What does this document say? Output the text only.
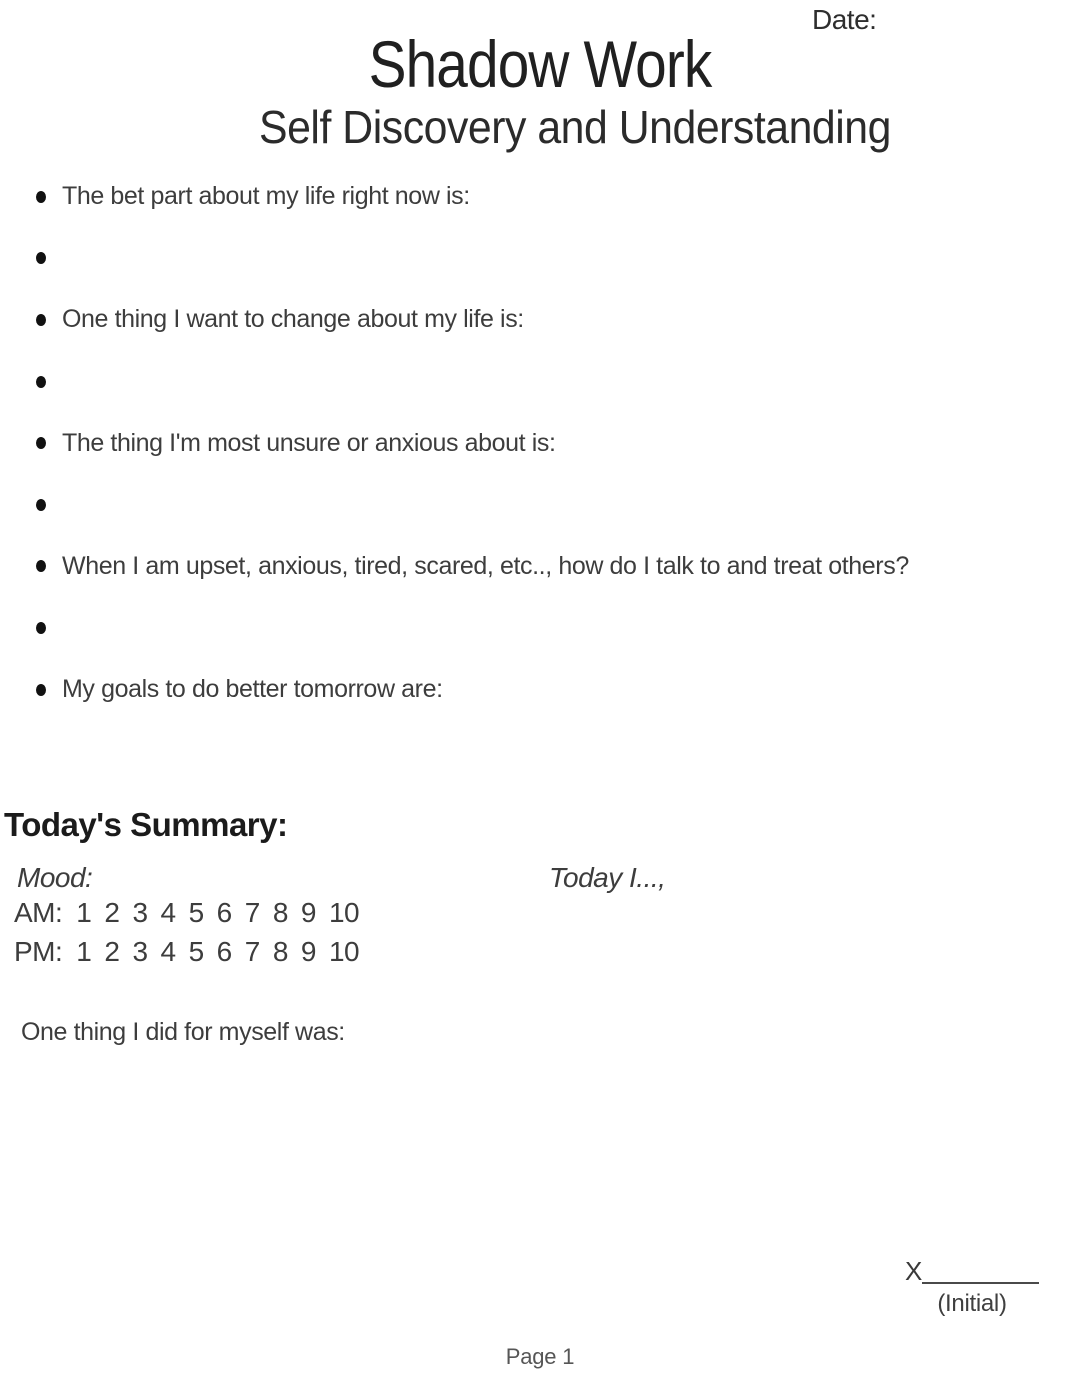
Date:
Shadow Work
Self Discovery and Understanding
The bet part about my life right now is:
One thing I want to change about my life is:
The thing I'm most unsure or anxious about is:
When I am upset, anxious, tired, scared, etc.., how do I talk to and treat others?
My goals to do better tomorrow are:
Today's Summary:
Mood:	Today I...,
AM: 1 2 3 4 5 6 7 8 9 10
PM: 1 2 3 4 5 6 7 8 9 10
One thing I did for myself was:
X
(Initial)
Page 1
